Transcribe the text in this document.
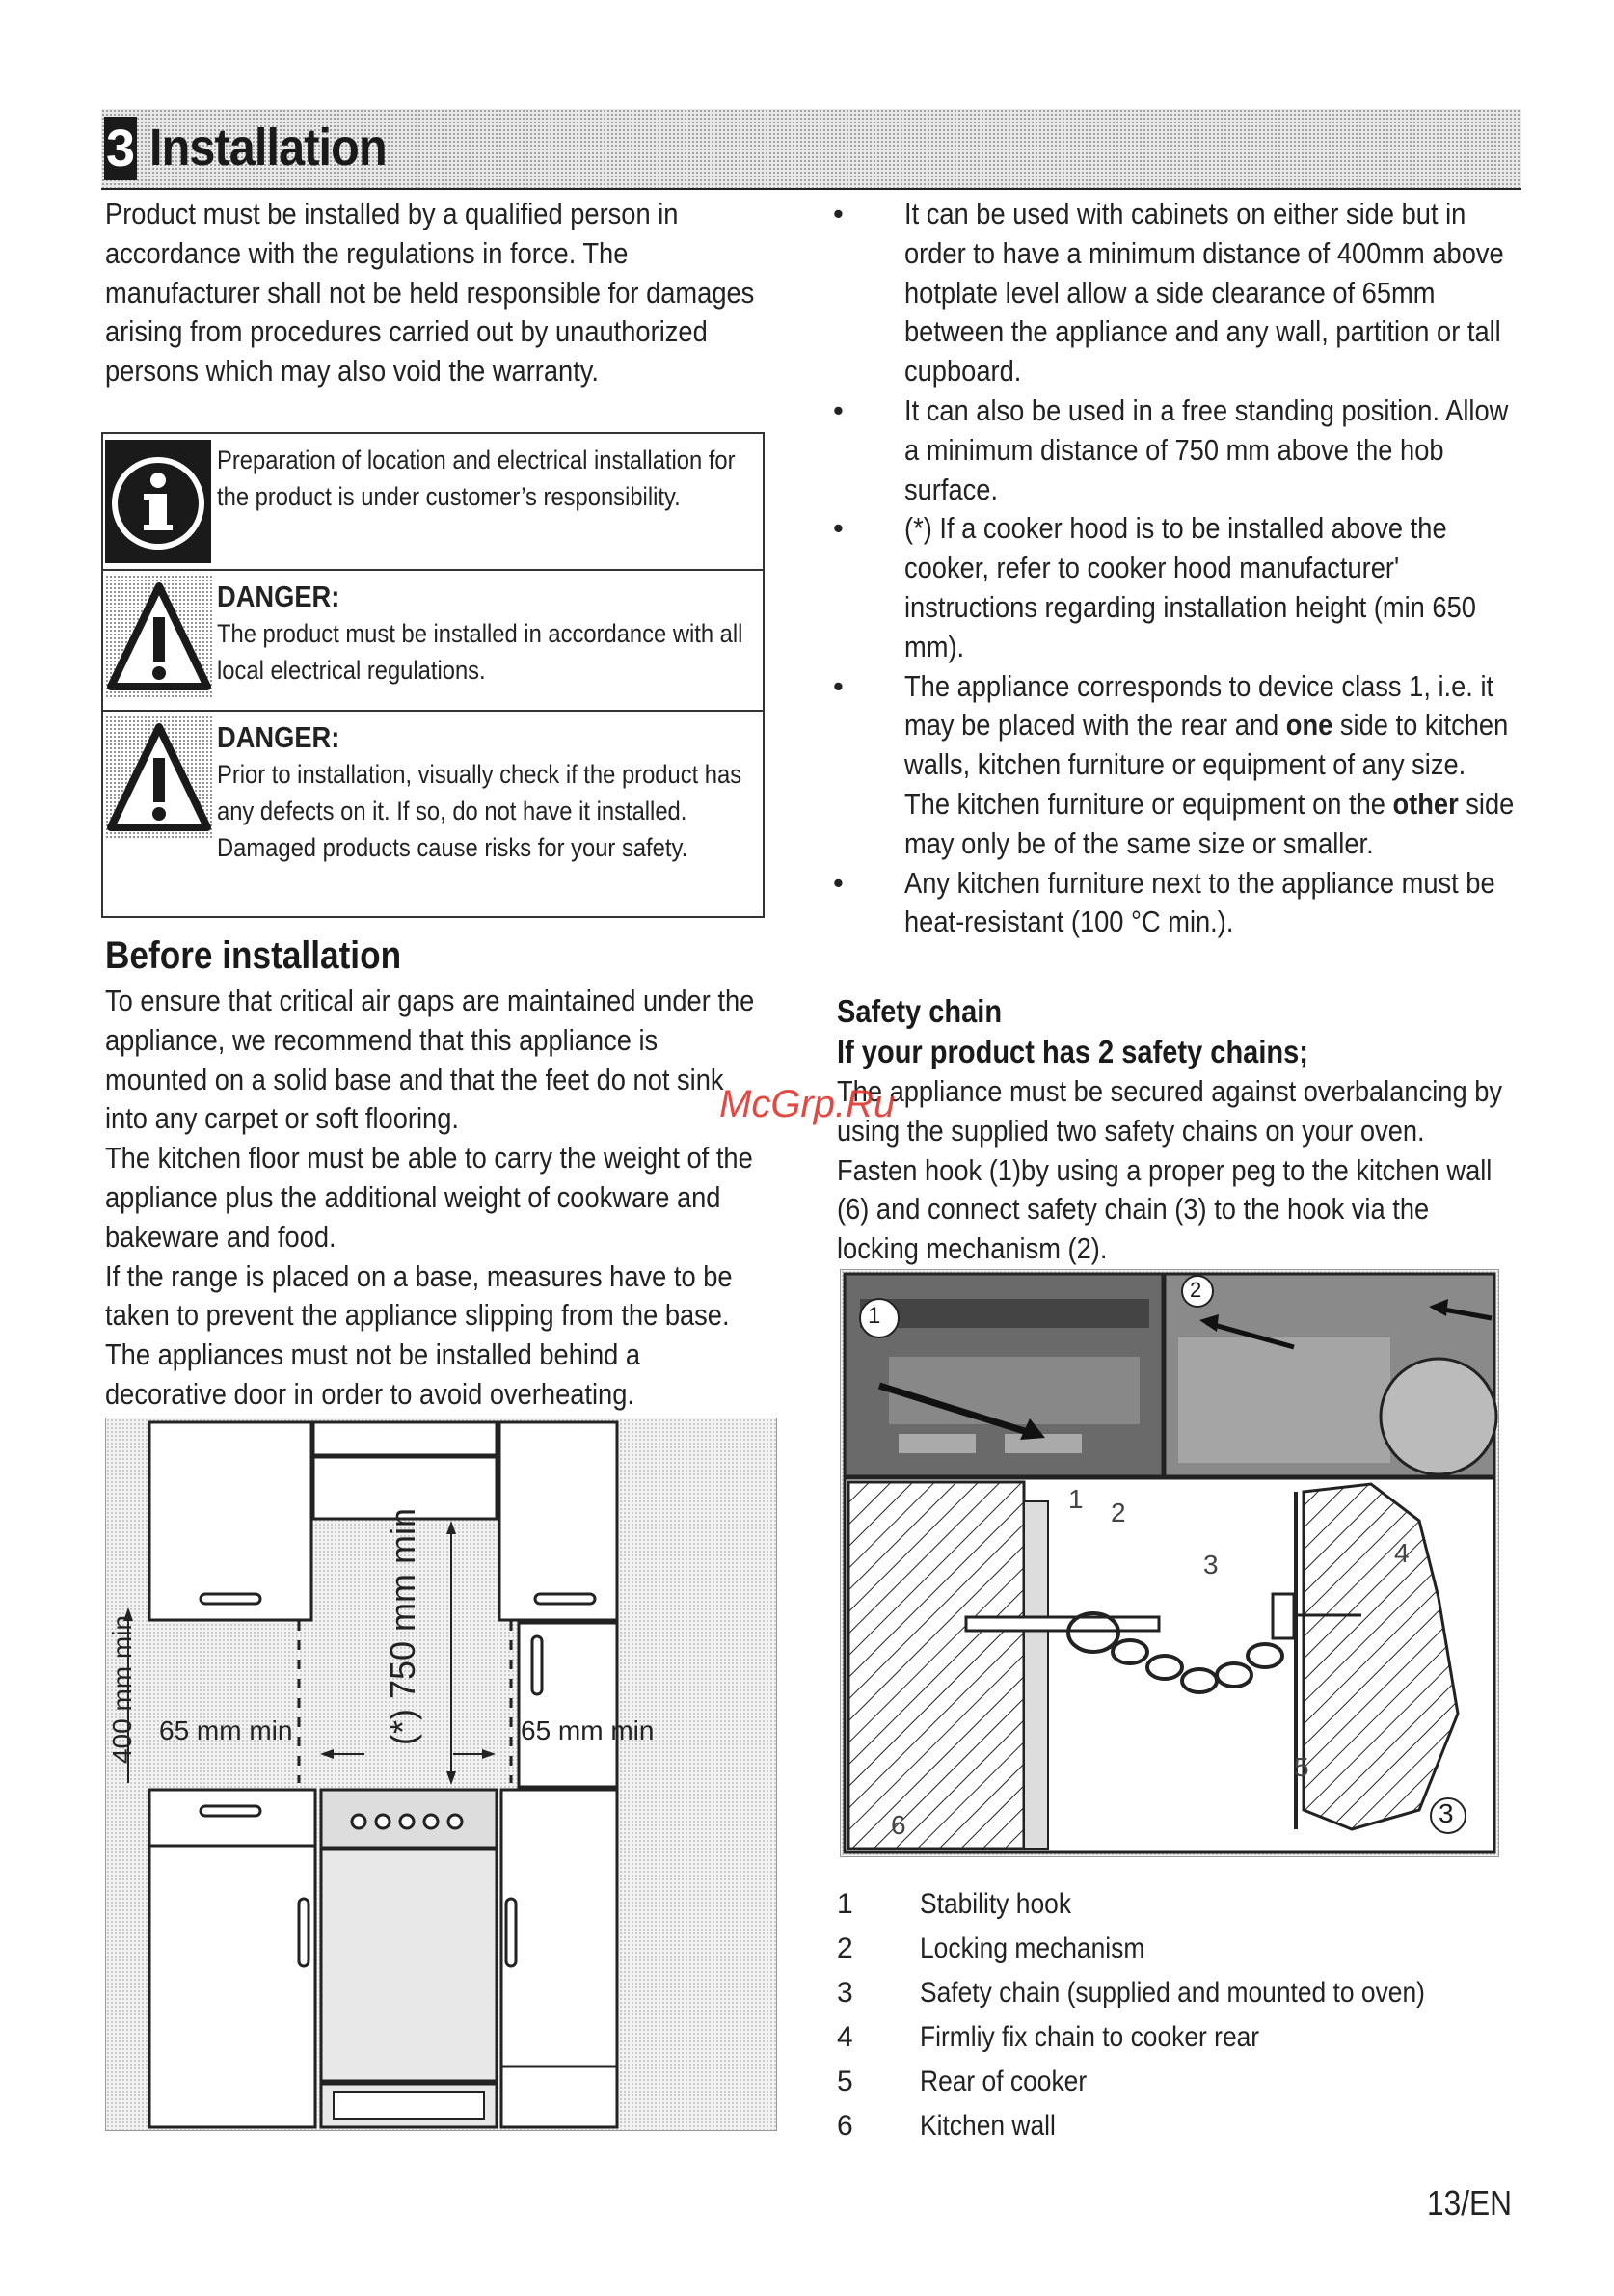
3 Installation
Product must be installed by a qualified person in accordance with the regulations in force. The manufacturer shall not be held responsible for damages arising from procedures carried out by unauthorized persons which may also void the warranty.
Preparation of location and electrical installation for the product is under customer’s responsibility.
DANGER:
The product must be installed in accordance with all local electrical regulations.
DANGER:
Prior to installation, visually check if the product has any defects on it. If so, do not have it installed.
Damaged products cause risks for your safety.
Before installation
To ensure that critical air gaps are maintained under the appliance, we recommend that this appliance is mounted on a solid base and that the feet do not sink into any carpet or soft flooring.
The kitchen floor must be able to carry the weight of the appliance plus the additional weight of cookware and bakeware and food.
If the range is placed on a base, measures have to be taken to prevent the appliance slipping from the base.
The appliances must not be installed behind a decorative door in order to avoid overheating.
65 mm min	65 mm min
400 mm min	(*) 750 mm min
• It can be used with cabinets on either side but in order to have a minimum distance of 400mm above hotplate level allow a side clearance of 65mm between the appliance and any wall, partition or tall cupboard.
• It can also be used in a free standing position. Allow a minimum distance of 750 mm above the hob surface.
• (*) If a cooker hood is to be installed above the cooker, refer to cooker hood manufacturer' instructions regarding installation height (min 650 mm).
• The appliance corresponds to device class 1, i.e. it may be placed with the rear and one side to kitchen walls, kitchen furniture or equipment of any size. The kitchen furniture or equipment on the other side may only be of the same size or smaller.
• Any kitchen furniture next to the appliance must be heat-resistant (100 °C min.).
Safety chain
If your product has 2 safety chains;
The appliance must be secured against overbalancing by using the supplied two safety chains on your oven. Fasten hook (1)by using a proper peg to the kitchen wall (6) and connect safety chain (3) to the hook via the locking mechanism (2).
McGrp.Ru
1
2
3
1 2
3	4
5
6
1	Stability hook
2	Locking mechanism
3	Safety chain (supplied and mounted to oven)
4	Firmliy fix chain to cooker rear
5	Rear of cooker
6	Kitchen wall
13/EN
